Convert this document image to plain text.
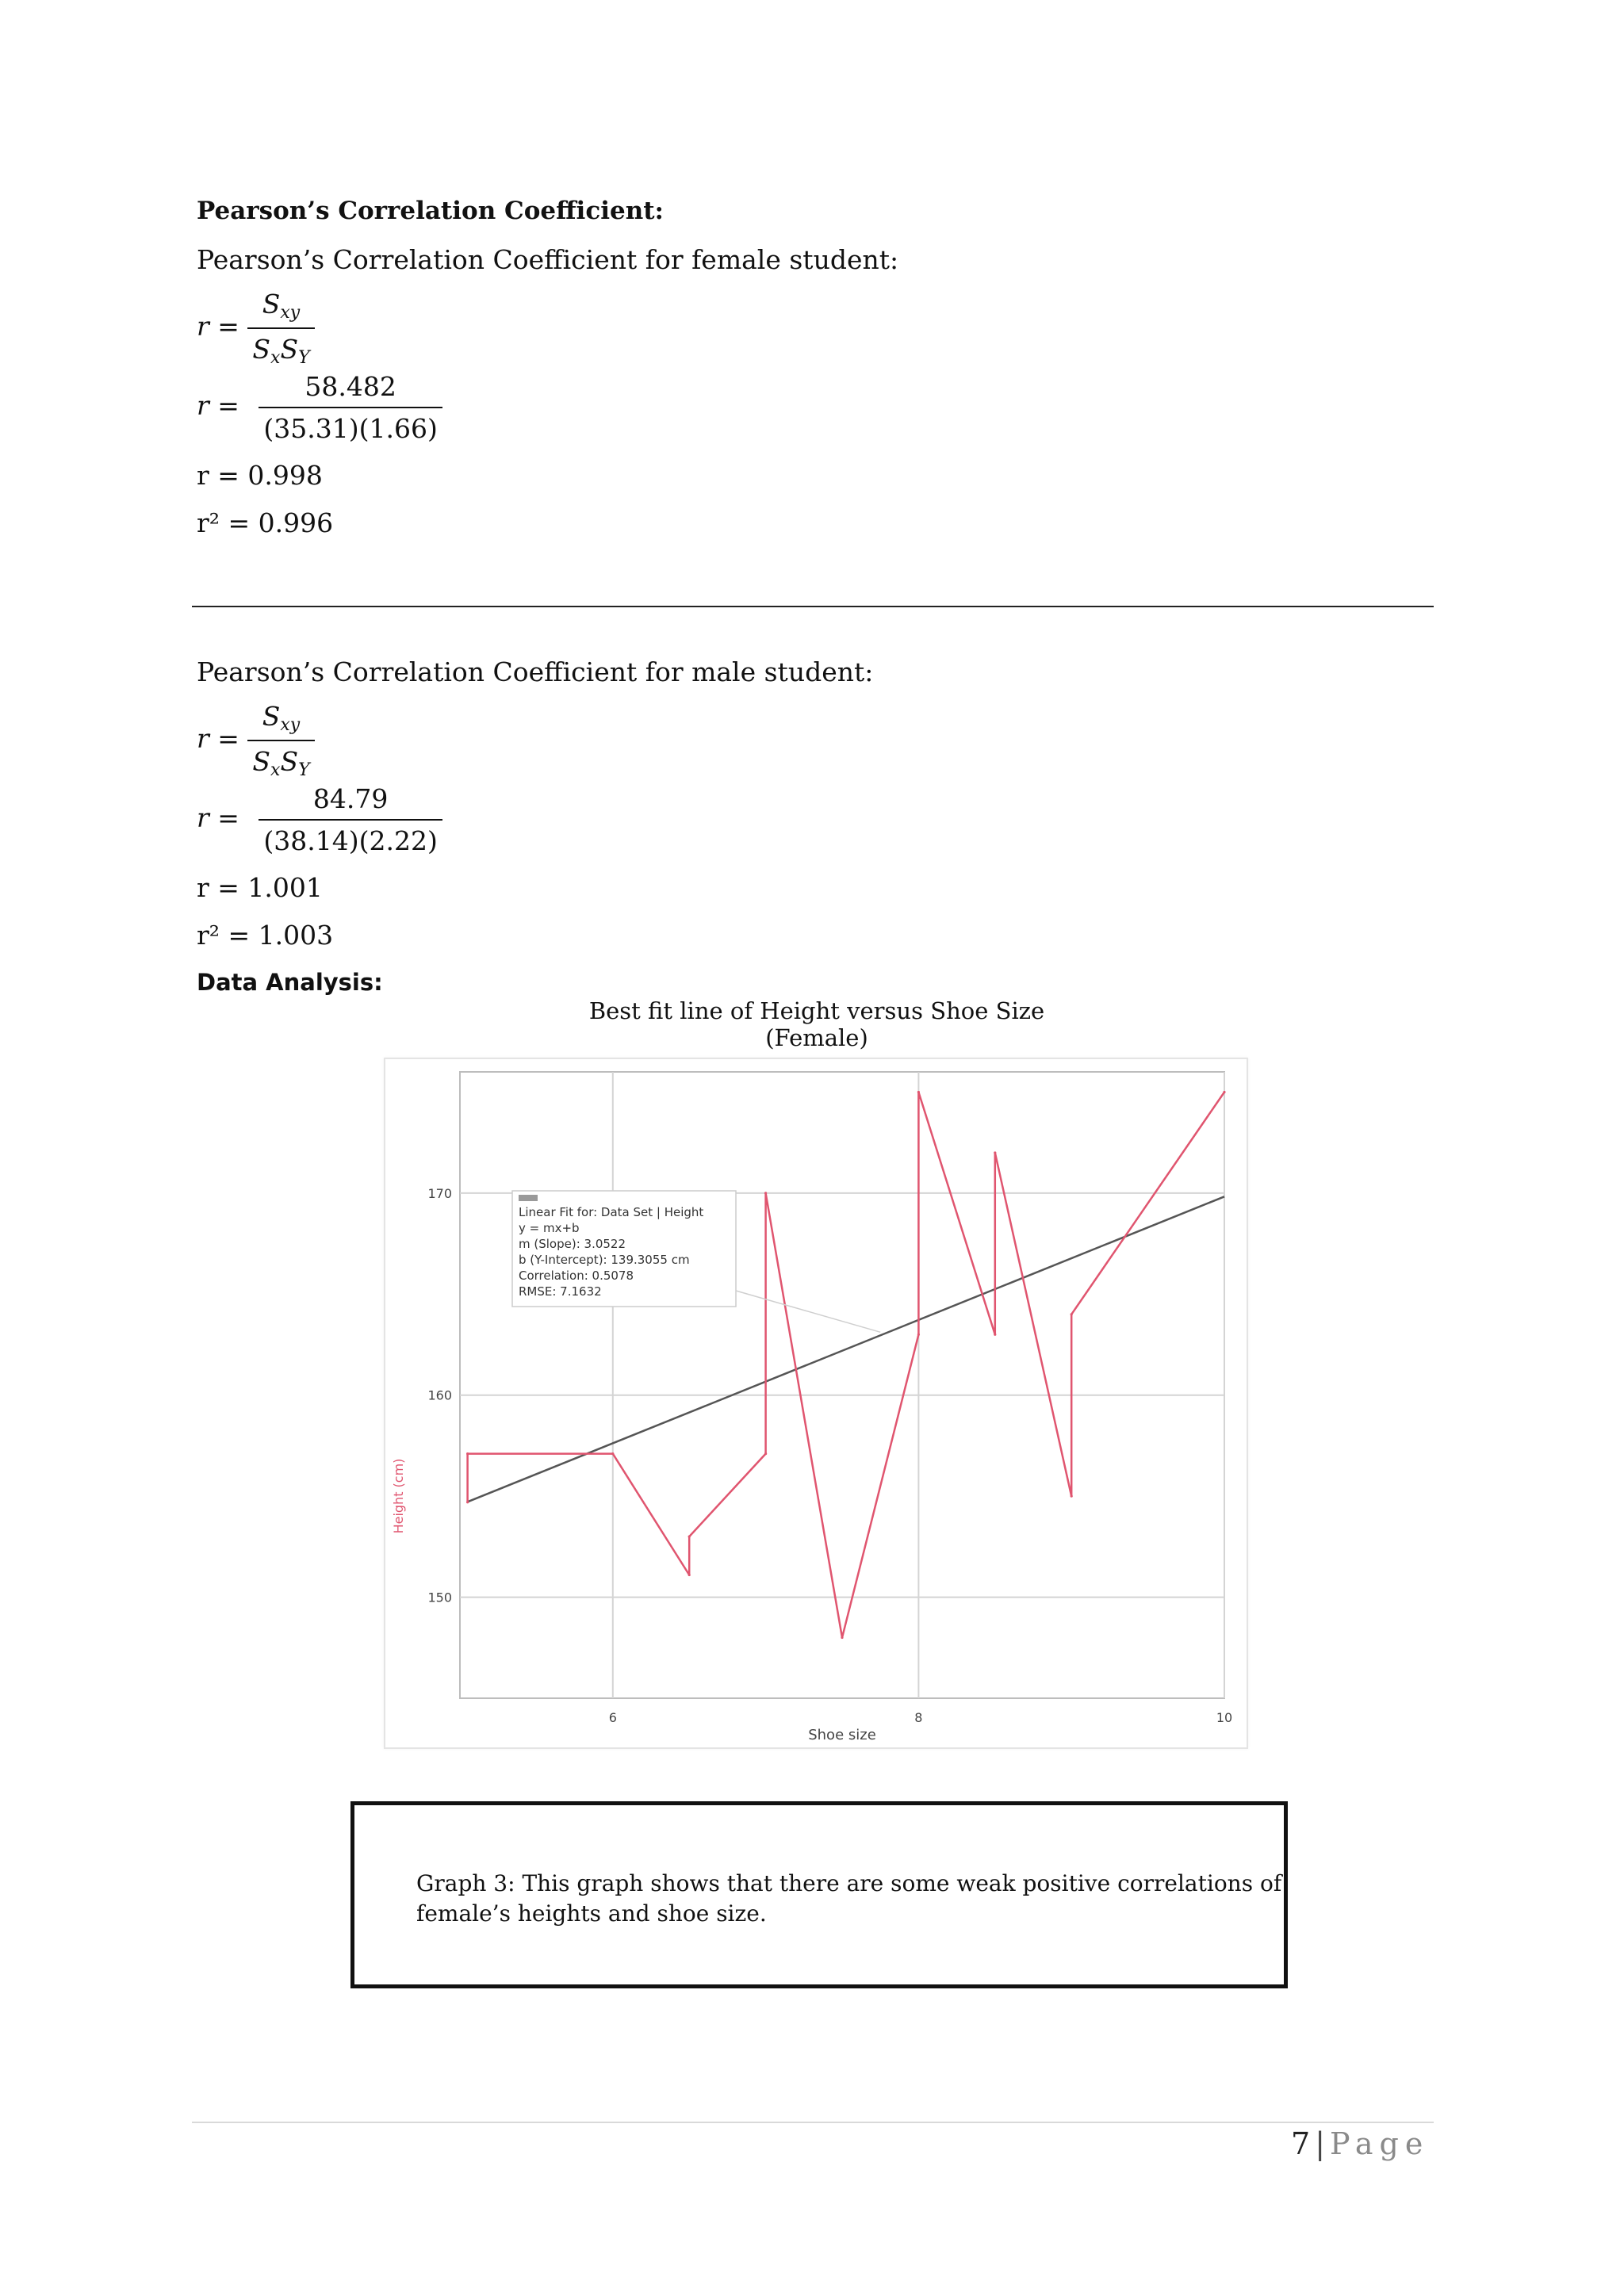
Pearson’s Correlation Coefficient:
Pearson’s Correlation Coefficient for female student:
$r = \frac{S_{xy}}{S_xS_Y}$
$r = \frac{58.482}{(35.31)(1.66)}$
r = 0.998
r² = 0.996
Pearson’s Correlation Coefficient for male student:
$r = \frac{S_{xy}}{S_xS_Y}$
$r = \frac{84.79}{(38.14)(2.22)}$
r = 1.001
r² = 1.003
Data Analysis:
Best fit line of Height versus Shoe Size (Female)
6	8	10
150
160
170
Shoe size
Height (cm)
Linear Fit for: Data Set | Height
y = mx+b
m (Slope): 3.0522
b (Y-Intercept): 139.3055 cm
Correlation: 0.5078
RMSE: 7.1632
Graph 3: This graph shows that there are some weak positive correlations of
female’s heights and shoe size.
7 | Page
